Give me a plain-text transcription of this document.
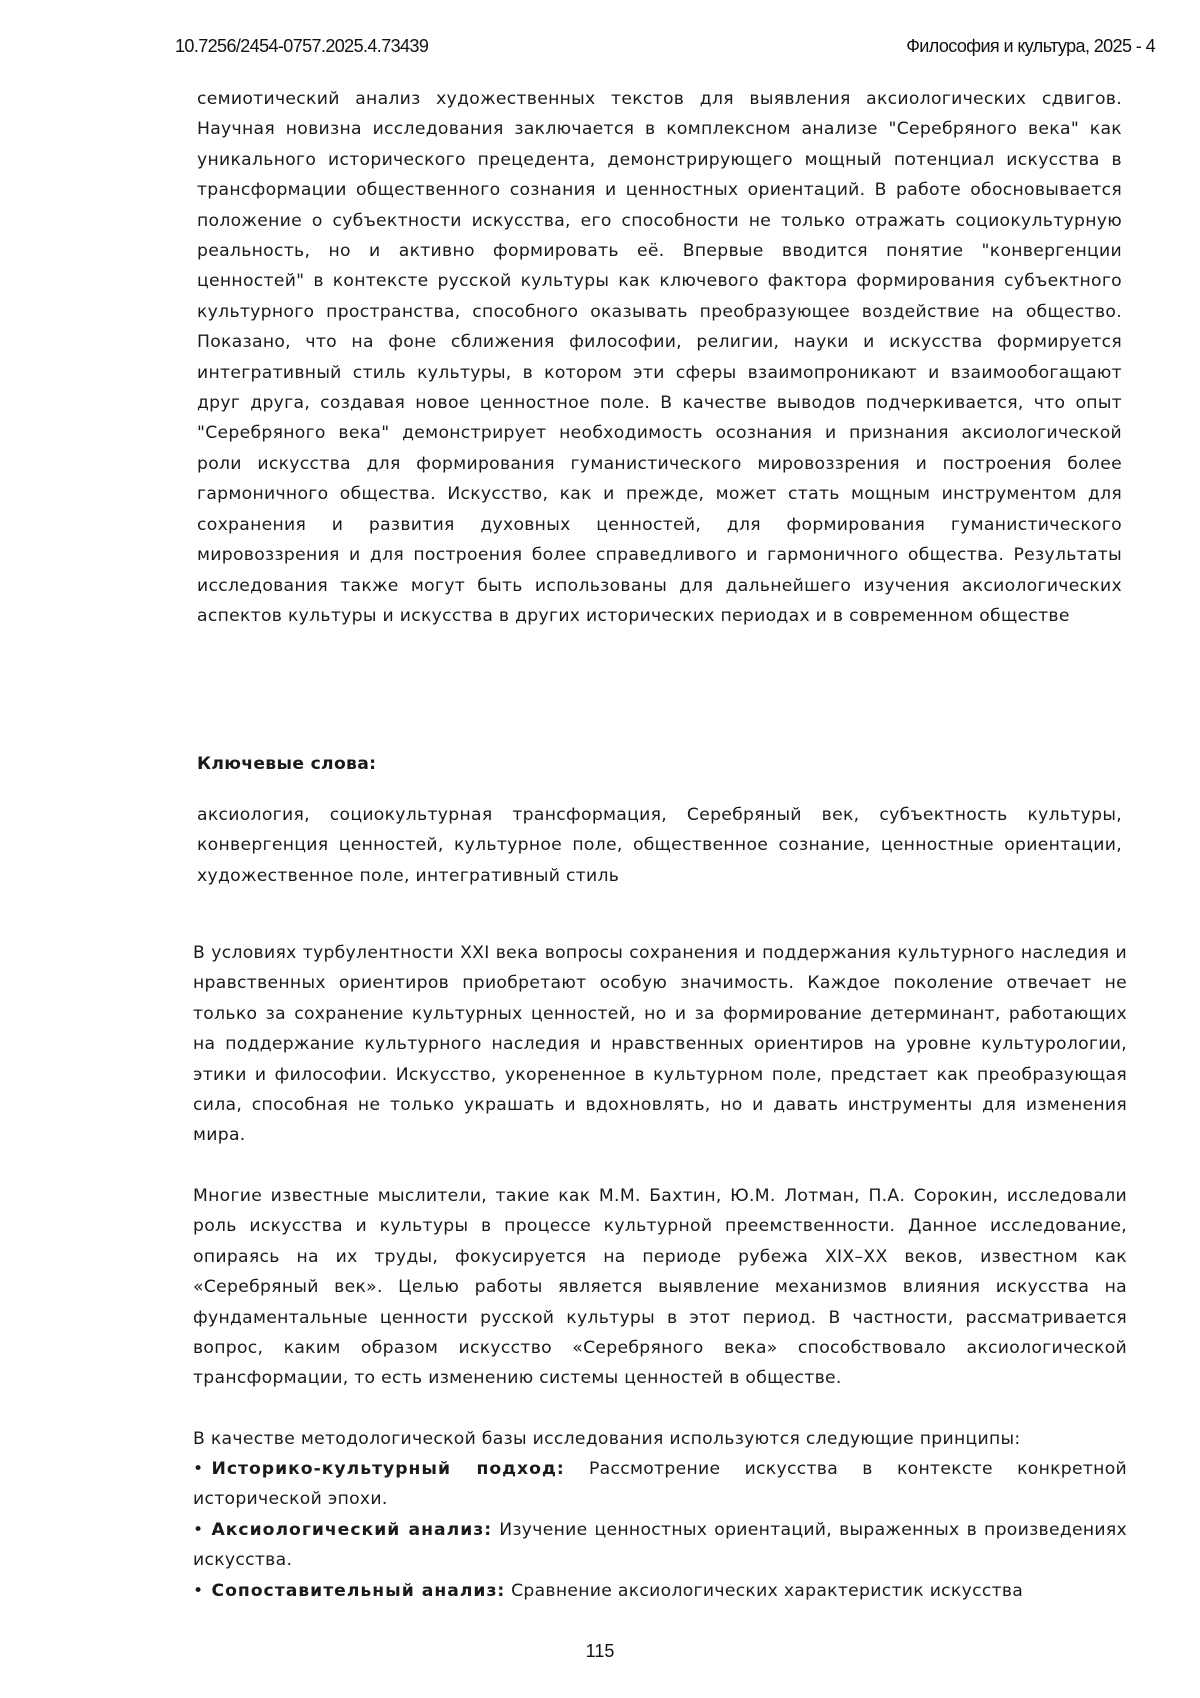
10.7256/2454-0757.2025.4.73439	Философия и культура, 2025 - 4

семиотический анализ художественных текстов для выявления аксиологических сдвигов. Научная новизна исследования заключается в комплексном анализе "Серебряного века" как уникального исторического прецедента, демонстрирующего мощный потенциал искусства в трансформации общественного сознания и ценностных ориентаций. В работе обосновывается положение о субъектности искусства, его способности не только отражать социокультурную реальность, но и активно формировать её. Впервые вводится понятие "конвергенции ценностей" в контексте русской культуры как ключевого фактора формирования субъектного культурного пространства, способного оказывать преобразующее воздействие на общество. Показано, что на фоне сближения философии, религии, науки и искусства формируется интегративный стиль культуры, в котором эти сферы взаимопроникают и взаимообогащают друг друга, создавая новое ценностное поле. В качестве выводов подчеркивается, что опыт "Серебряного века" демонстрирует необходимость осознания и признания аксиологической роли искусства для формирования гуманистического мировоззрения и построения более гармоничного общества. Искусство, как и прежде, может стать мощным инструментом для сохранения и развития духовных ценностей, для формирования гуманистического мировоззрения и для построения более справедливого и гармоничного общества. Результаты исследования также могут быть использованы для дальнейшего изучения аксиологических аспектов культуры и искусства в других исторических периодах и в современном обществе

Ключевые слова:

аксиология, социокультурная трансформация, Серебряный век, субъектность культуры, конвергенция ценностей, культурное поле, общественное сознание, ценностные ориентации, художественное поле, интегративный стиль

В условиях турбулентности XXI века вопросы сохранения и поддержания культурного наследия и нравственных ориентиров приобретают особую значимость. Каждое поколение отвечает не только за сохранение культурных ценностей, но и за формирование детерминант, работающих на поддержание культурного наследия и нравственных ориентиров на уровне культурологии, этики и философии. Искусство, укорененное в культурном поле, предстает как преобразующая сила, способная не только украшать и вдохновлять, но и давать инструменты для изменения мира.

Многие известные мыслители, такие как М.М. Бахтин, Ю.М. Лотман, П.А. Сорокин, исследовали роль искусства и культуры в процессе культурной преемственности. Данное исследование, опираясь на их труды, фокусируется на периоде рубежа XIX–XX веков, известном как «Серебряный век». Целью работы является выявление механизмов влияния искусства на фундаментальные ценности русской культуры в этот период. В частности, рассматривается вопрос, каким образом искусство «Серебряного века» способствовало аксиологической трансформации, то есть изменению системы ценностей в обществе.

В качестве методологической базы исследования используются следующие принципы:

• Историко-культурный подход: Рассмотрение искусства в контексте конкретной исторической эпохи.
• Аксиологический анализ: Изучение ценностных ориентаций, выраженных в произведениях искусства.
• Сопоставительный анализ: Сравнение аксиологических характеристик искусства
115
